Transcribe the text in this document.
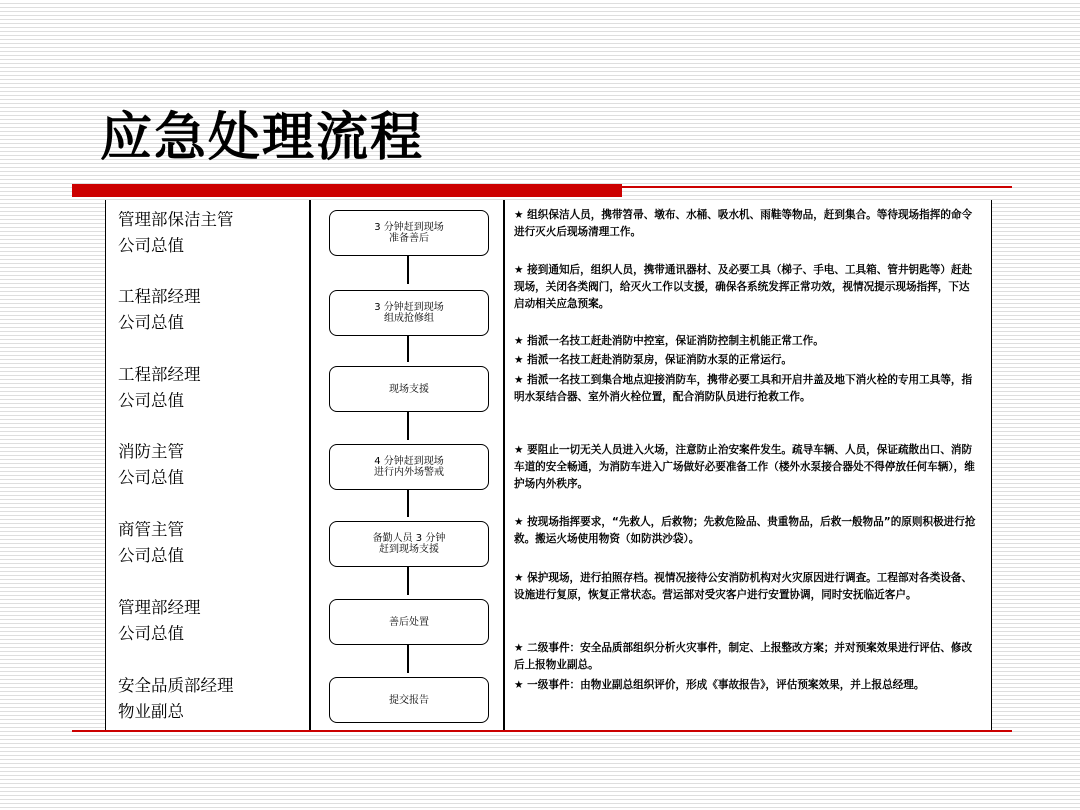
应急处理流程
管理部保洁主管
公司总值
工程部经理
公司总值
工程部经理
公司总值
消防主管
公司总值
商管主管
公司总值
管理部经理
公司总值
安全品质部经理
物业副总
3 分钟赶到现场
准备善后
3 分钟赶到现场
组成抢修组
现场支援
4 分钟赶到现场
进行内外场警戒
备勤人员 3 分钟
赶到现场支援
善后处置
提交报告
★ 组织保洁人员，携带笤帚、墩布、水桶、吸水机、雨鞋等物品，赶到集合。等待现场指挥的命令进行灭火后现场清理工作。
★ 接到通知后，组织人员，携带通讯器材、及必要工具（梯子、手电、工具箱、管井钥匙等）赶赴现场，关闭各类阀门，给灭火工作以支援，确保各系统发挥正常功效，视情况提示现场指挥，下达启动相关应急预案。
★ 指派一名技工赶赴消防中控室，保证消防控制主机能正常工作。
★ 指派一名技工赶赴消防泵房，保证消防水泵的正常运行。
★ 指派一名技工到集合地点迎接消防车，携带必要工具和开启井盖及地下消火栓的专用工具等，指明水泵结合器、室外消火栓位置，配合消防队员进行抢救工作。
★ 要阻止一切无关人员进入火场，注意防止治安案件发生。疏导车辆、人员，保证疏散出口、消防车道的安全畅通，为消防车进入广场做好必要准备工作（楼外水泵接合器处不得停放任何车辆），维护场内外秩序。
★ 按现场指挥要求，“先救人，后救物；先救危险品、贵重物品，后救一般物品”的原则积极进行抢救。搬运火场使用物资（如防洪沙袋）。
★ 保护现场，进行拍照存档。视情况接待公安消防机构对火灾原因进行调查。工程部对各类设备、设施进行复原，恢复正常状态。营运部对受灾客户进行安置协调，同时安抚临近客户。
★ 二级事件：安全品质部组织分析火灾事件，制定、上报整改方案；并对预案效果进行评估、修改后上报物业副总。
★ 一级事件：由物业副总组织评价，形成《事故报告》，评估预案效果，并上报总经理。
